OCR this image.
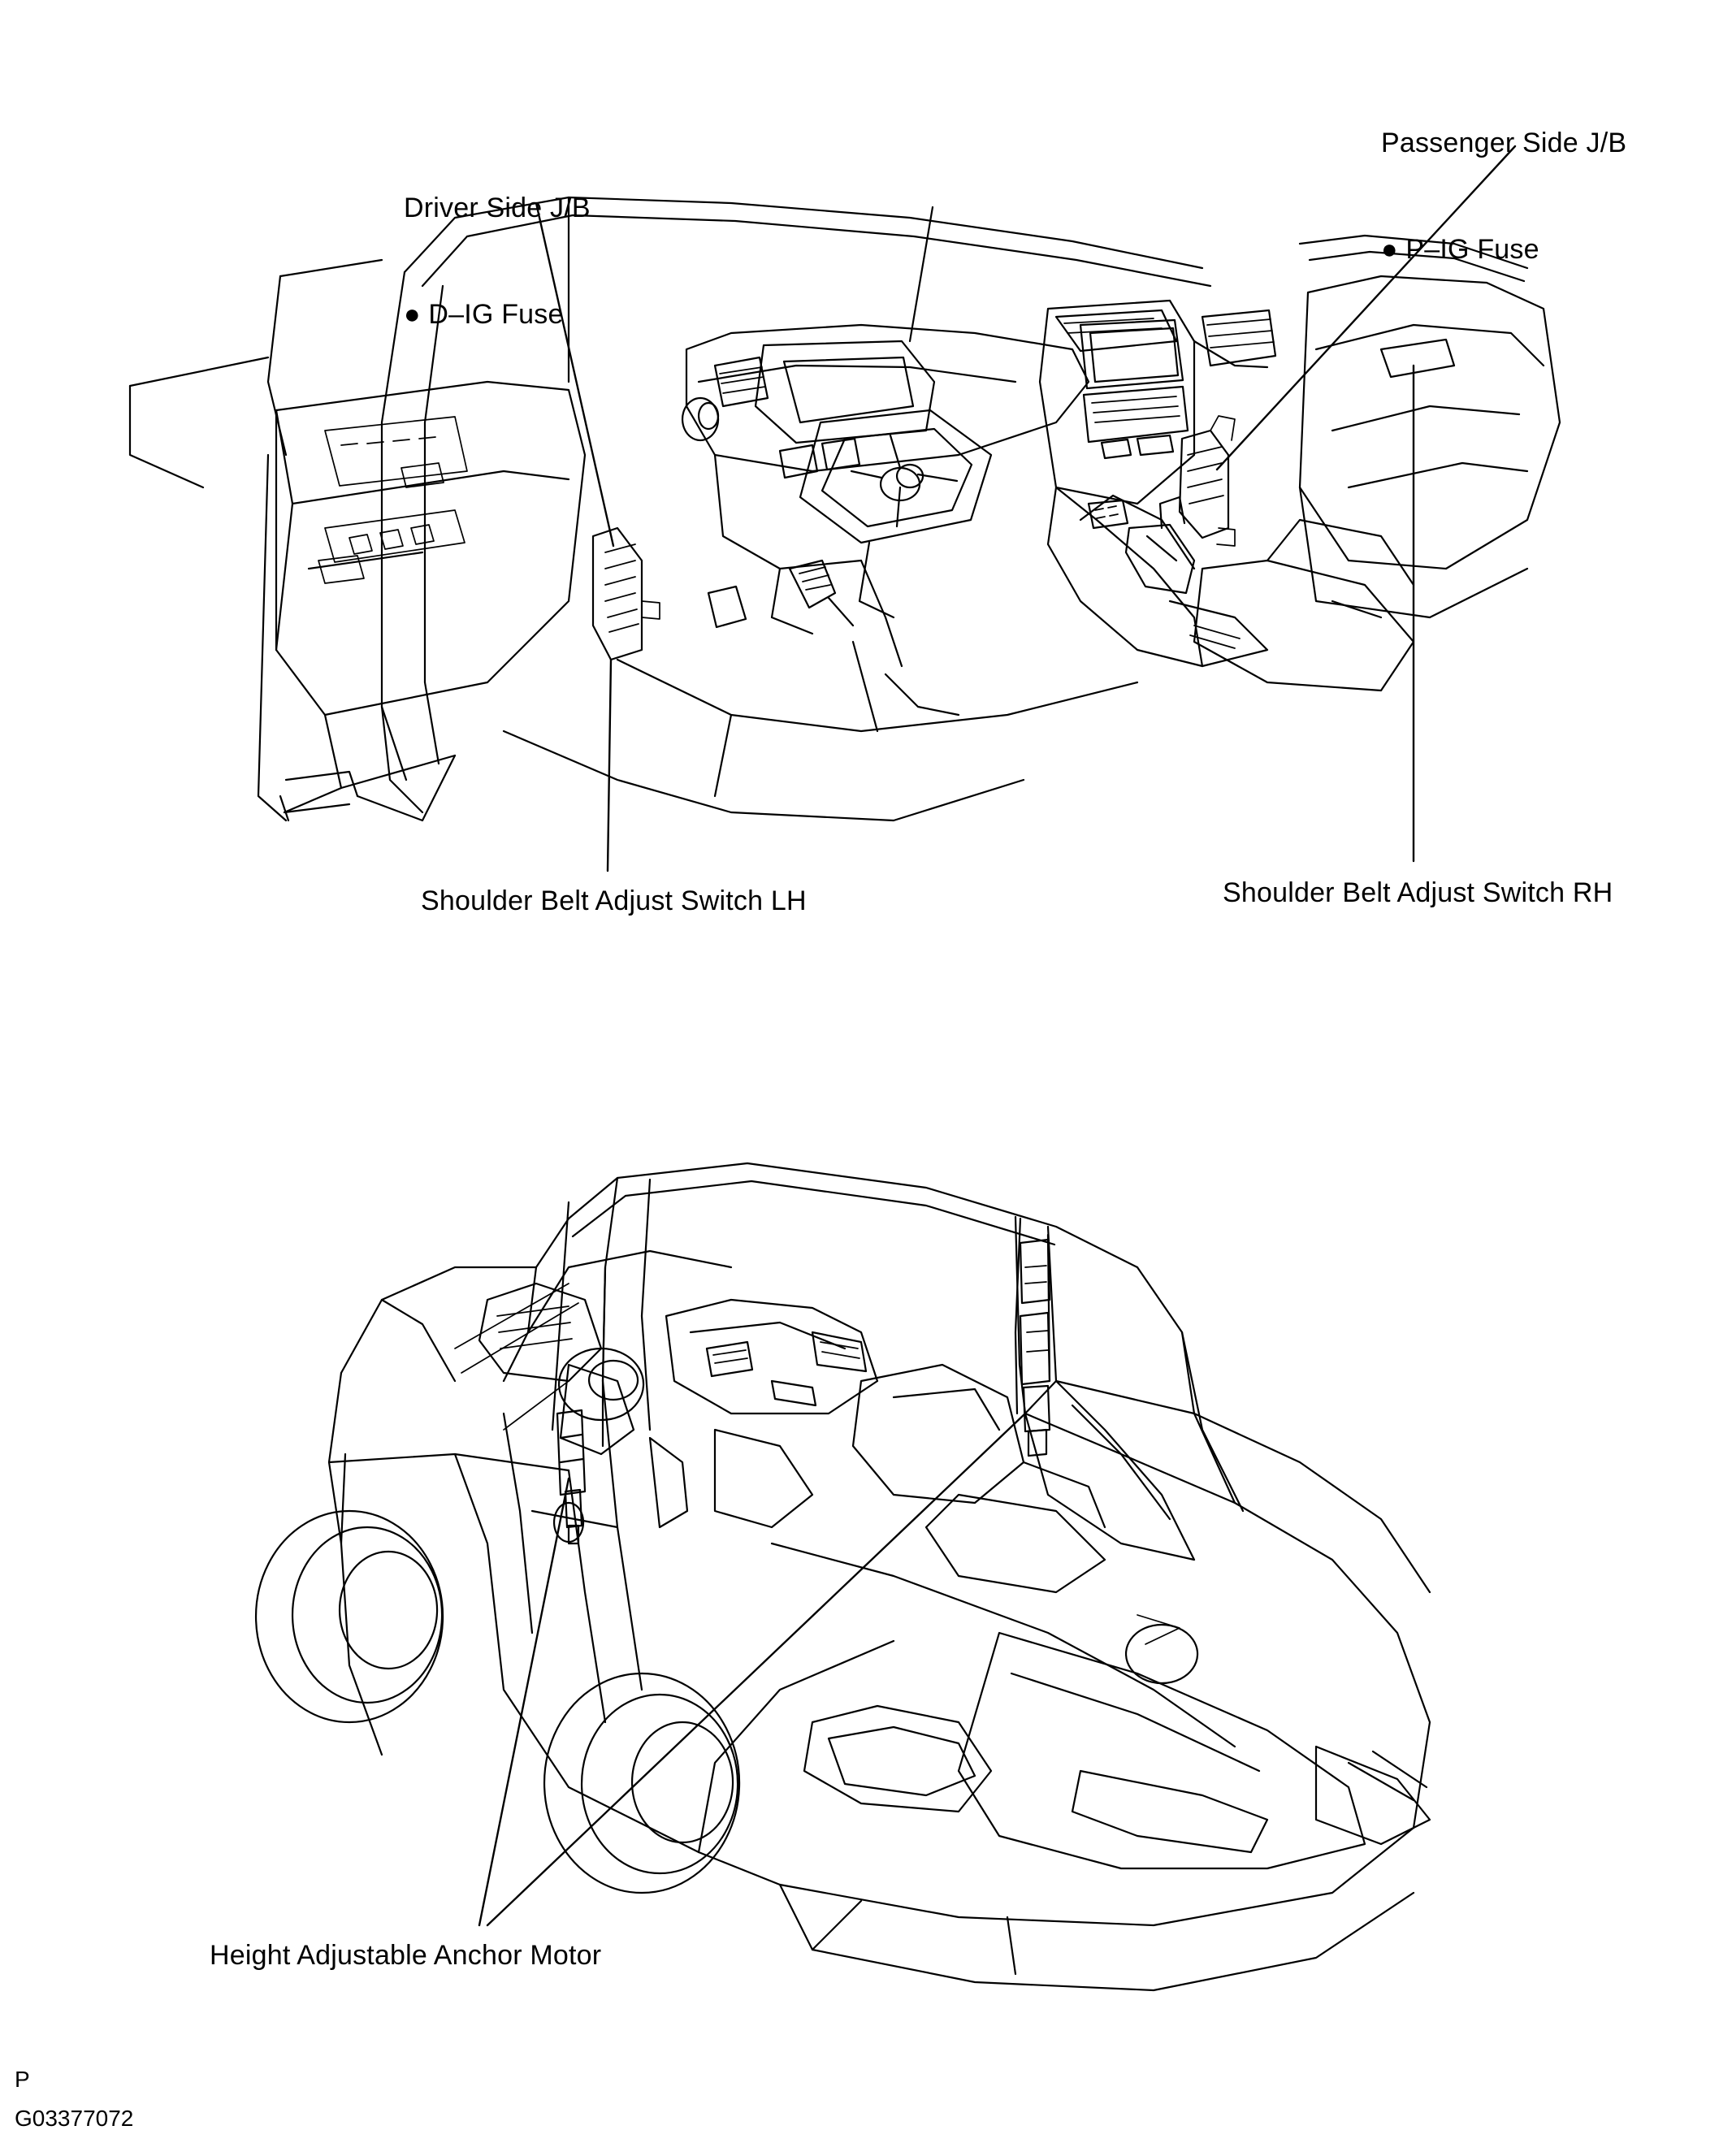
Driver Side J/B

● D–IG Fuse

Passenger Side J/B

● P–IG Fuse

Shoulder Belt Adjust Switch LH	Shoulder Belt Adjust Switch RH
Height Adjustable Anchor Motor
P
G03377072
